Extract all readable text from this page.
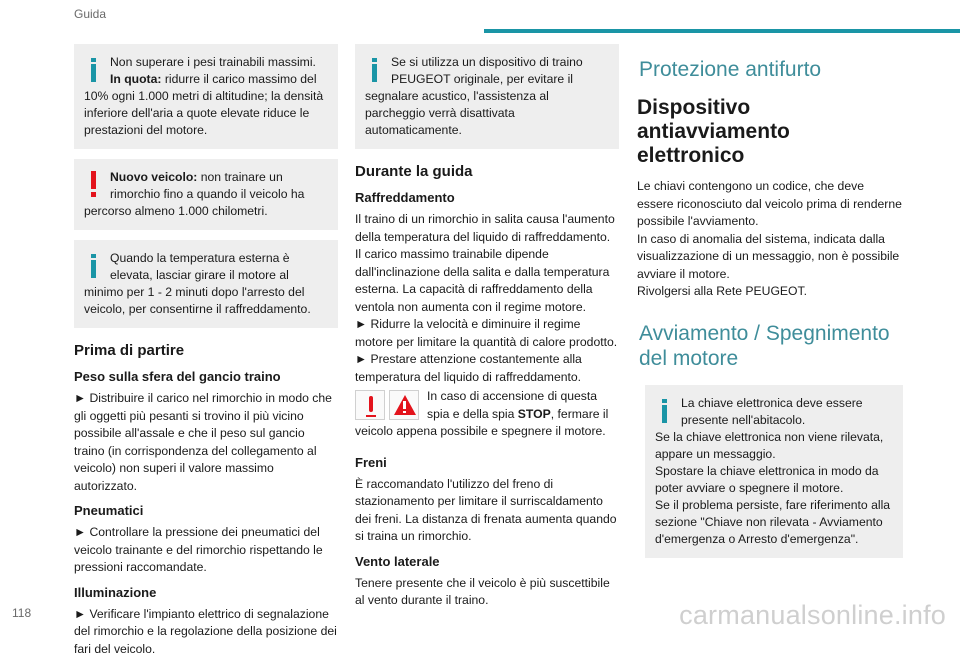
Guida
Non superare i pesi trainabili massimi.
In quota: ridurre il carico massimo del 10% ogni 1.000 metri di altitudine; la densità inferiore dell'aria a quote elevate riduce le prestazioni del motore.
Nuovo veicolo: non trainare un rimorchio fino a quando il veicolo ha percorso almeno 1.000 chilometri.
Quando la temperatura esterna è elevata, lasciar girare il motore al minimo per 1 - 2 minuti dopo l'arresto del veicolo, per consentirne il raffreddamento.
Prima di partire
Peso sulla sfera del gancio traino

► Distribuire il carico nel rimorchio in modo che gli oggetti più pesanti si trovino il più vicino possibile all'assale e che il peso sul gancio traino (in corrispondenza del collegamento al veicolo) non superi il valore massimo autorizzato.

Pneumatici

► Controllare la pressione dei pneumatici del veicolo trainante e del rimorchio rispettando le pressioni raccomandate.

Illuminazione

► Verificare l'impianto elettrico di segnalazione del rimorchio e la regolazione della posizione dei fari del veicolo.

Se si utilizza un dispositivo di traino PEUGEOT originale, per evitare il segnalare acustico, l'assistenza al parcheggio verrà disattivata automaticamente.
Durante la guida
Raffreddamento

Il traino di un rimorchio in salita causa l'aumento della temperatura del liquido di raffreddamento. Il carico massimo trainabile dipende dall'inclinazione della salita e dalla temperatura esterna. La capacità di raffreddamento della ventola non aumenta con il regime motore.

► Ridurre la velocità e diminuire il regime motore per limitare la quantità di calore prodotto.

► Prestare attenzione costantemente alla temperatura del liquido di raffreddamento.

In caso di accensione di questa spia e della spia STOP, fermare il veicolo appena possibile e spegnere il motore.

Freni

È raccomandato l'utilizzo del freno di stazionamento per limitare il surriscaldamento dei freni. La distanza di frenata aumenta quando si traina un rimorchio.

Vento laterale

Tenere presente che il veicolo è più suscettibile al vento durante il traino.

Protezione antifurto
Dispositivo antiavviamento elettronico

Le chiavi contengono un codice, che deve essere riconosciuto dal veicolo prima di renderne possibile l'avviamento.

In caso di anomalia del sistema, indicata dalla visualizzazione di un messaggio, non è possibile avviare il motore.

Rivolgersi alla Rete PEUGEOT.

Avviamento / Spegnimento del motore
La chiave elettronica deve essere presente nell'abitacolo.
Se la chiave elettronica non viene rilevata, appare un messaggio.
Spostare la chiave elettronica in modo da poter avviare o spegnere il motore.
Se il problema persiste, fare riferimento alla sezione "Chiave non rilevata - Avviamento d'emergenza o Arresto d'emergenza".
118	carmanualsonline.info
